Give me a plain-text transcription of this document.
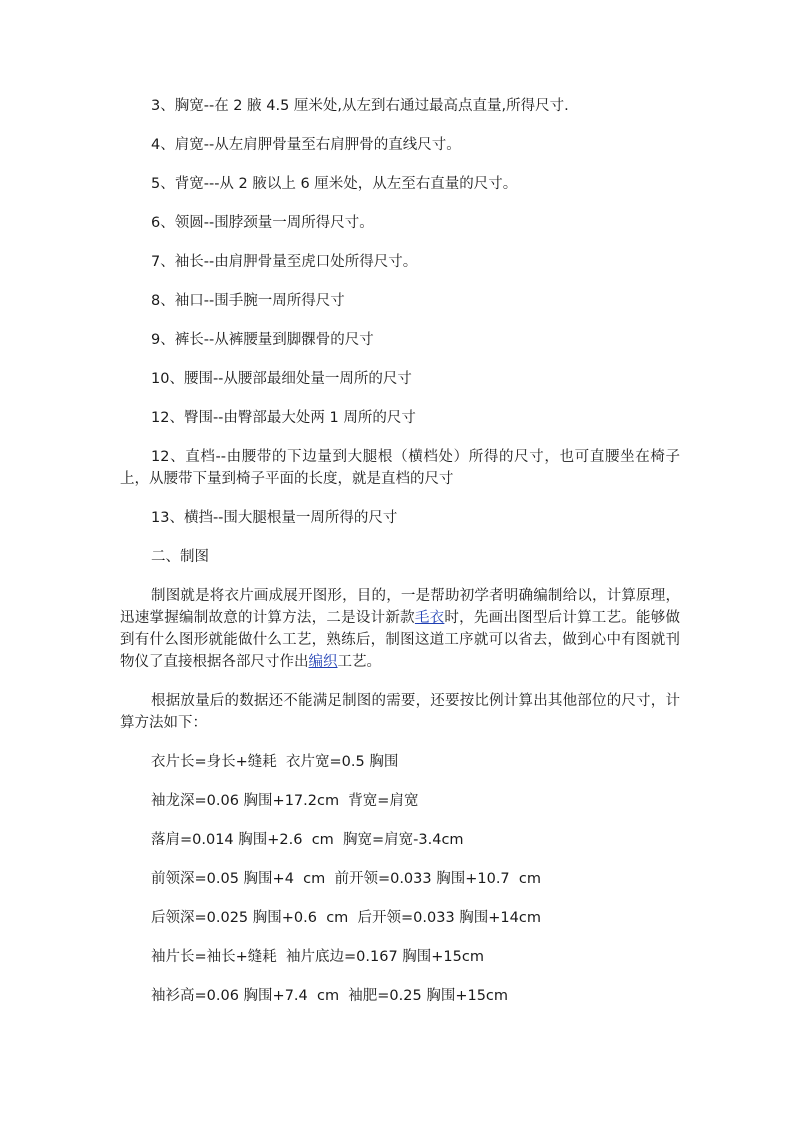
3、胸宽--在 2 腋 4.5 厘米处,从左到右通过最高点直量,所得尺寸.

4、肩宽--从左肩胛骨量至右肩胛骨的直线尺寸。

5、背宽---从 2 腋以上 6 厘米处，从左至右直量的尺寸。

6、领圆--围脖颈量一周所得尺寸。

7、袖长--由肩胛骨量至虎口处所得尺寸。

8、袖口--围手腕一周所得尺寸

9、裤长--从裤腰量到脚髁骨的尺寸

10、腰围--从腰部最细处量一周所的尺寸

12、臀围--由臀部最大处两 1 周所的尺寸

12、直档--由腰带的下边量到大腿根（横档处）所得的尺寸，也可直腰坐在椅子上，从腰带下量到椅子平面的长度，就是直档的尺寸

13、横挡--围大腿根量一周所得的尺寸

二、制图

制图就是将衣片画成展开图形，目的，一是帮助初学者明确编制给以，计算原理，迅速掌握编制故意的计算方法，二是设计新款毛衣时，先画出图型后计算工艺。能够做到有什么图形就能做什么工艺，熟练后，制图这道工序就可以省去，做到心中有图就刊物仪了直接根据各部尺寸作出编织工艺。

根据放量后的数据还不能满足制图的需要，还要按比例计算出其他部位的尺寸，计算方法如下：

衣片长=身长+缝耗  衣片宽=0.5 胸围

袖龙深=0.06 胸围+17.2cm  背宽=肩宽

落肩=0.014 胸围+2.6  cm  胸宽=肩宽-3.4cm

前领深=0.05 胸围+4  cm  前开领=0.033 胸围+10.7  cm

后领深=0.025 胸围+0.6  cm  后开领=0.033 胸围+14cm

袖片长=袖长+缝耗  袖片底边=0.167 胸围+15cm

袖衫高=0.06 胸围+7.4  cm  袖肥=0.25 胸围+15cm
